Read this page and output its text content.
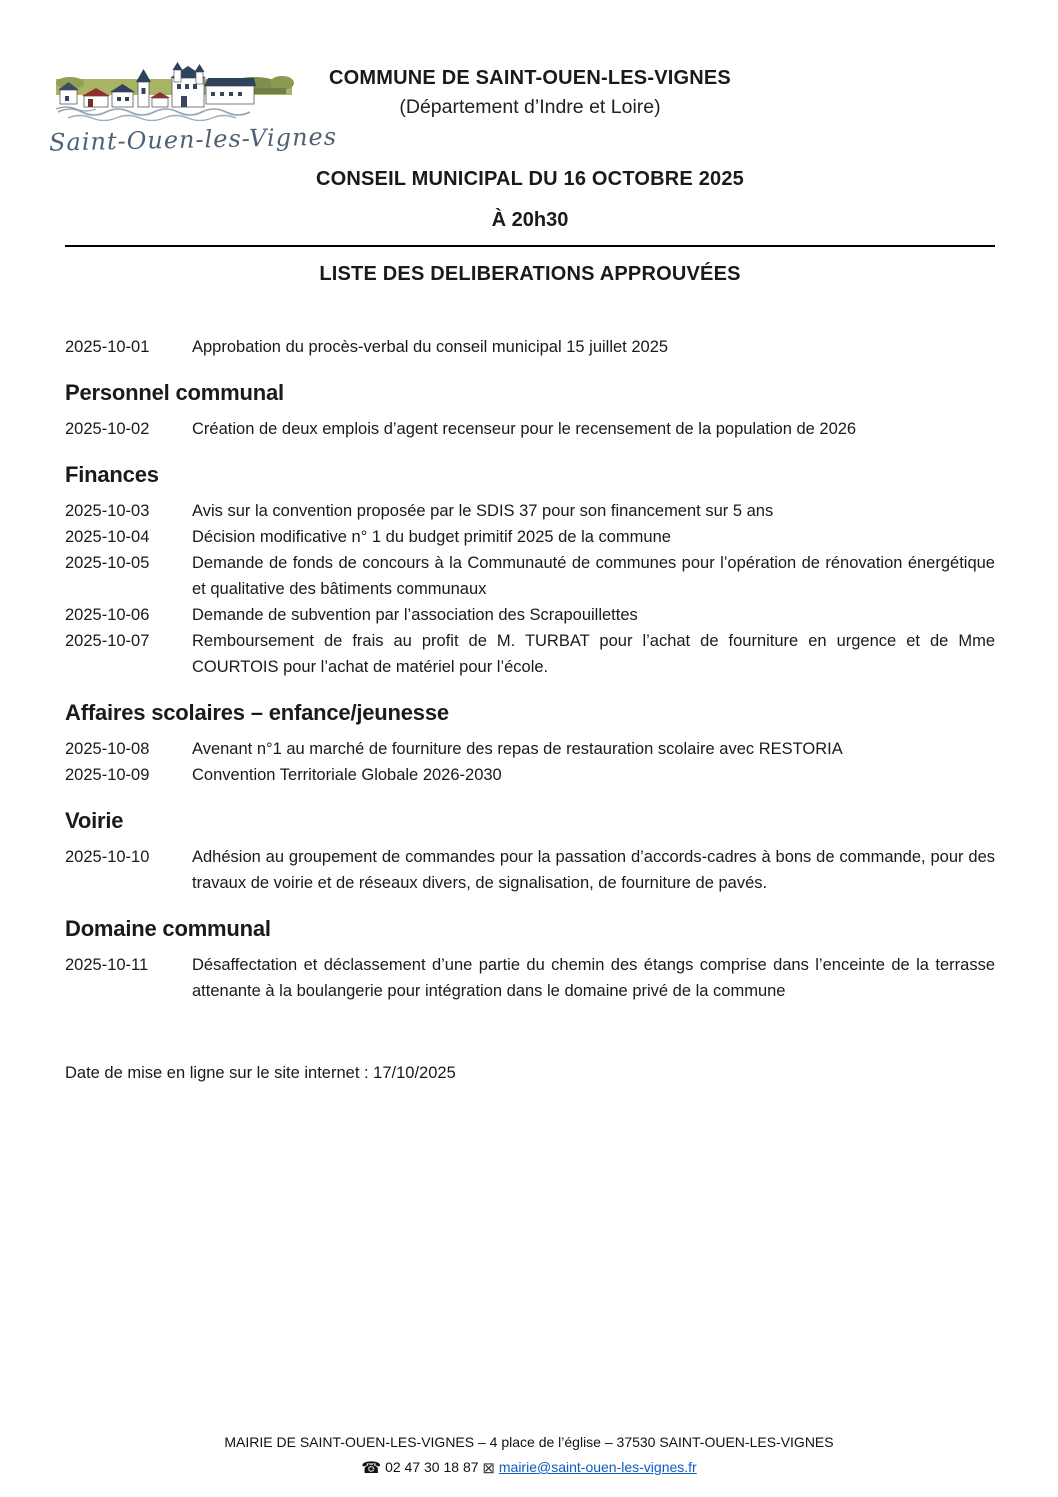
Saint-Ouen-les-Vignes
COMMUNE DE SAINT-OUEN-LES-VIGNES
(Département d’Indre et Loire)
CONSEIL MUNICIPAL DU 16 OCTOBRE 2025
À 20h30
LISTE DES DELIBERATIONS APPROUVÉES
2025-10-01	Approbation du procès-verbal du conseil municipal 15 juillet 2025
Personnel communal
2025-10-02	Création de deux emplois d’agent recenseur pour le recensement de la population de 2026
Finances
2025-10-03	Avis sur la convention proposée par le SDIS 37 pour son financement sur 5 ans
2025-10-04	Décision modificative n° 1 du budget primitif 2025 de la commune
2025-10-05	Demande de fonds de concours à la Communauté de communes pour l’opération de rénovation énergétique et qualitative des bâtiments communaux
2025-10-06	Demande de subvention par l’association des Scrapouillettes
2025-10-07	Remboursement de frais au profit de M. TURBAT pour l’achat de fourniture en urgence et de Mme COURTOIS pour l’achat de matériel pour l’école.
Affaires scolaires – enfance/jeunesse
2025-10-08	Avenant n°1 au marché de fourniture des repas de restauration scolaire avec RESTORIA
2025-10-09	Convention Territoriale Globale 2026-2030
Voirie
2025-10-10	Adhésion au groupement de commandes pour la passation d’accords-cadres à bons de commande, pour des travaux de voirie et de réseaux divers, de signalisation, de fourniture de pavés.
Domaine communal
2025-10-11	Désaffectation et déclassement d’une partie du chemin des étangs comprise dans l’enceinte de la terrasse attenante à la boulangerie pour intégration dans le domaine privé de la commune
Date de mise en ligne sur le site internet : 17/10/2025
MAIRIE DE SAINT-OUEN-LES-VIGNES – 4 place de l’église – 37530 SAINT-OUEN-LES-VIGNES
☎ 02 47 30 18 87 ⊠ mairie@saint-ouen-les-vignes.fr
